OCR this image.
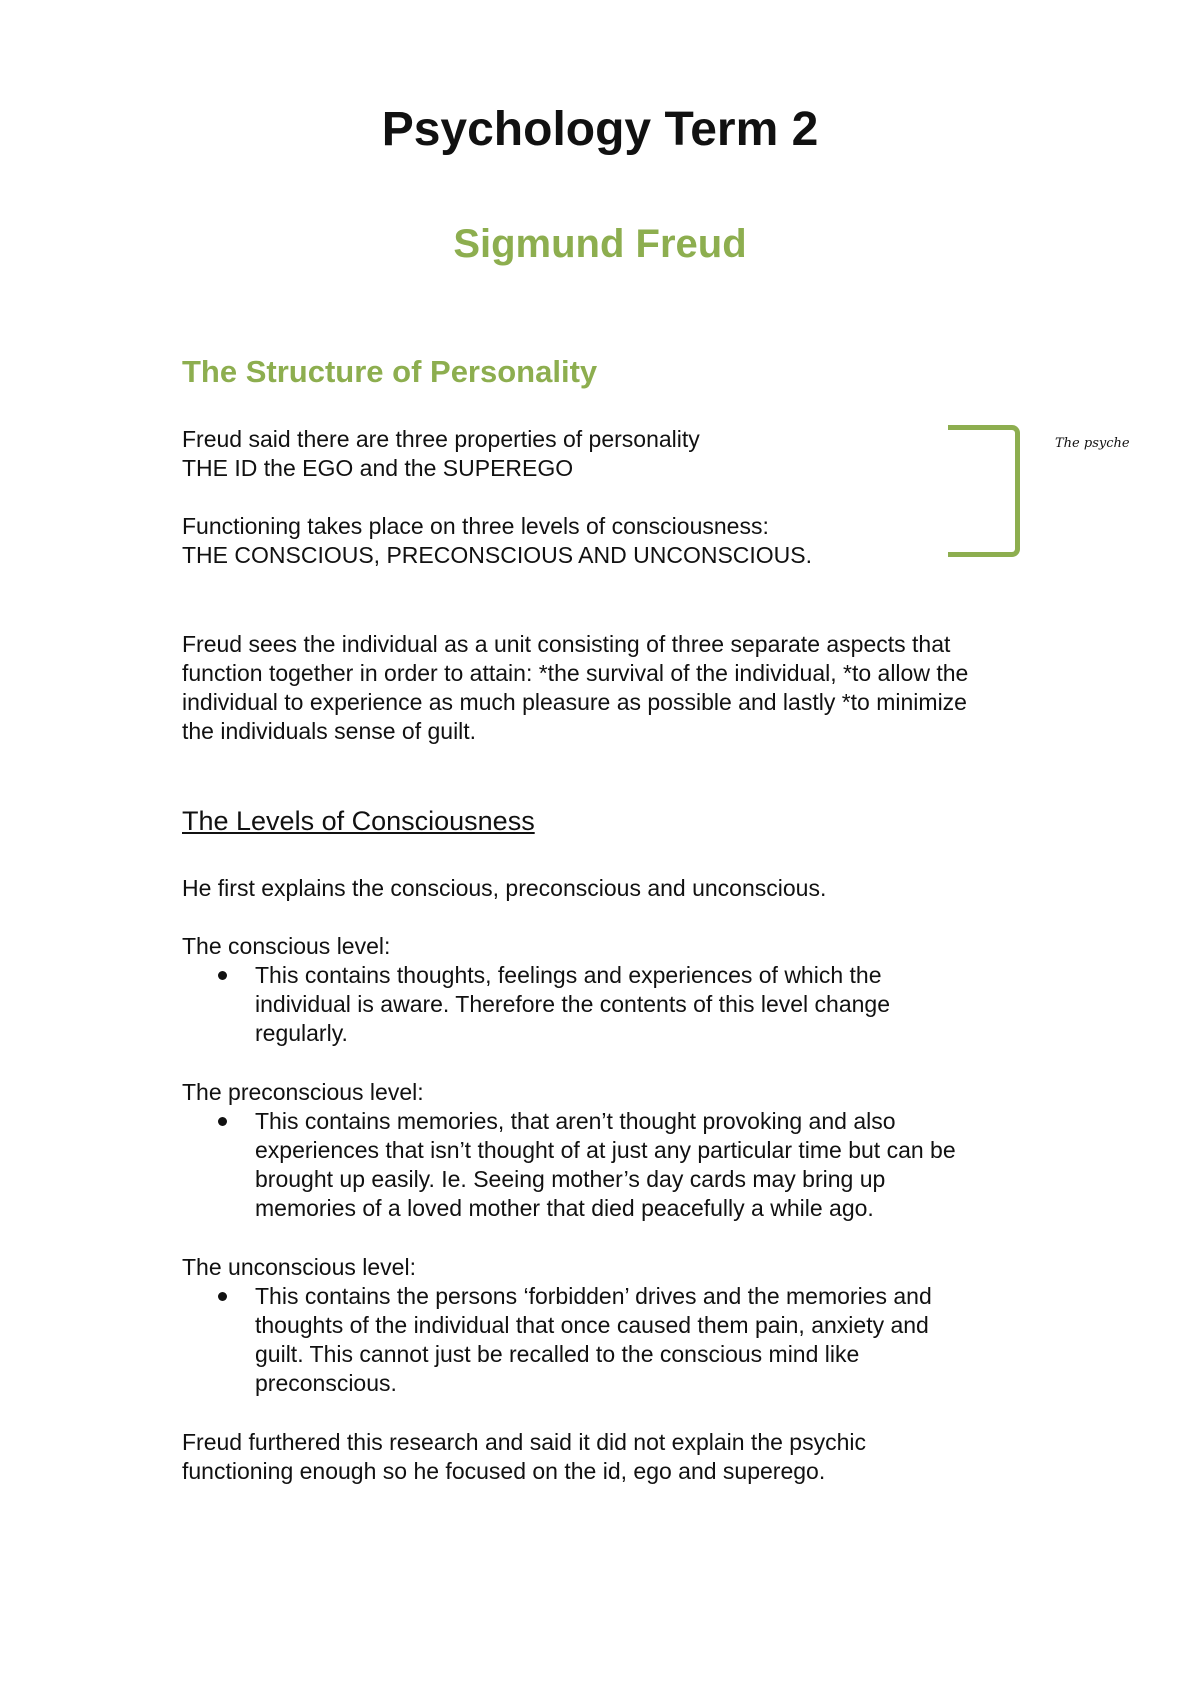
Psychology Term 2
Sigmund Freud
The Structure of Personality

Freud said there are three properties of personality

THE ID the EGO and the SUPEREGO

Functioning takes place on three levels of consciousness:

THE CONSCIOUS, PRECONSCIOUS AND UNCONSCIOUS.

The psyche

Freud sees the individual as a unit consisting of three separate aspects that
function together in order to attain: *the survival of the individual, *to allow the
individual to experience as much pleasure as possible and lastly *to minimize
the individuals sense of guilt.

The Levels of Consciousness

He first explains the conscious, preconscious and unconscious.

The conscious level:

This contains thoughts, feelings and experiences of which the
individual is aware. Therefore the contents of this level change
regularly.

The preconscious level:

This contains memories, that aren’t thought provoking and also
experiences that isn’t thought of at just any particular time but can be
brought up easily. Ie. Seeing mother’s day cards may bring up
memories of a loved mother that died peacefully a while ago.

The unconscious level:

This contains the persons ‘forbidden’ drives and the memories and
thoughts of the individual that once caused them pain, anxiety and
guilt. This cannot just be recalled to the conscious mind like
preconscious.

Freud furthered this research and said it did not explain the psychic
functioning enough so he focused on the id, ego and superego.
